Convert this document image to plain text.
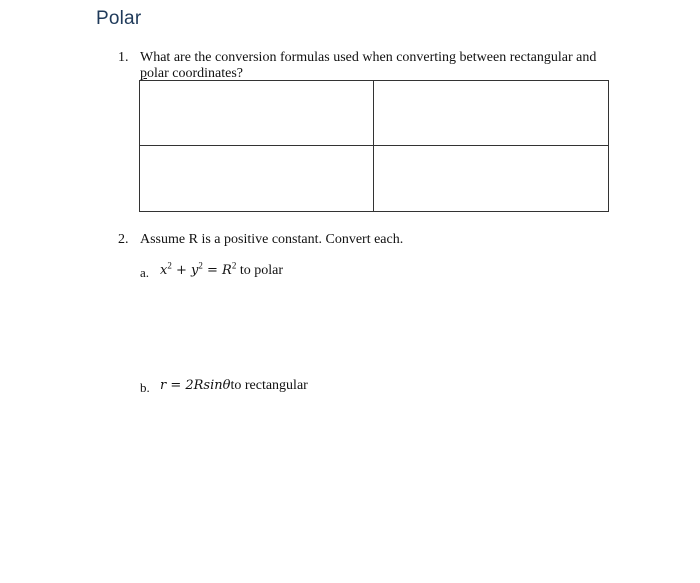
Polar
1. What are the conversion formulas used when converting between rectangular and
polar coordinates?
2. Assume R is a positive constant. Convert each.
a. $x^2 + y^2 = R^2$ to polar
b. r = 2Rsinθto rectangular
